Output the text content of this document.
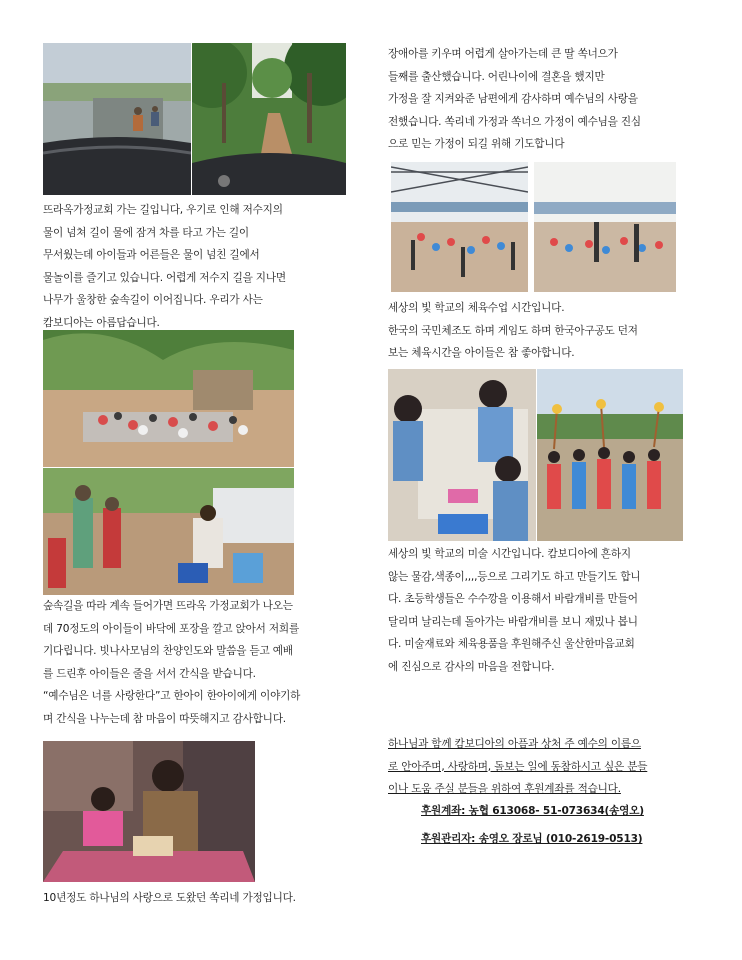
뜨라옥가정교회 가는 길입니다, 우기로 인해 저수지의
물이 넘쳐 길이 물에 잠겨 차를 타고 가는 길이
무서웠는데 아이들과 어른들은 물이 넘친 길에서
물놀이를 즐기고 있습니다. 어렵게 저수지 길을 지나면
나무가 울창한 숲속길이 이어집니다. 우리가 사는
캄보디아는 아름답습니다.

숲속길을 따라 계속 들어가면 뜨라옥 가정교회가 나오는
데 70정도의 아이들이 바닥에 포장을 깔고 앉아서 저희를
기다립니다. 빗나사모님의 찬양인도와 말씀을 듣고 예배
를 드린후 아이들은 줄을 서서 간식을 받습니다.
“예수님은 너를 사랑한다”고 한아이 한아이에게 이야기하
며 간식을 나누는데 참 마음이 따뜻해지고 감사합니다.

10년정도 하나님의 사랑으로 도왔던 쏙리네 가정입니다.

장애아를 키우며 어렵게 살아가는데 큰 딸 쏙너으가
들째를 출산했습니다. 어린나이에 결혼을 했지만
가정을 잘 지켜와준 남편에게 감사하며 예수님의 사랑을
전했습니다. 쏙리네 가정과 쏙너으 가정이 예수님을 진심
으로 믿는 가정이 되길 위해 기도합니다

세상의 빛 학교의 체육수업 시간입니다.
한국의 국민체조도 하며 게임도 하며 한국아구공도 던져
보는 체육시간을 아이들은 참 좋아합니다.

세상의 빛 학교의 미술 시간입니다. 캄보디아에 흔하지
않는 물감,색종이,,,,등으로 그리기도 하고 만들기도 합니
다. 초등학생들은 수수깡을 이용해서 바람개비를 만들어
달리며 날리는데 돌아가는 바람개비를 보니 재밌나 봅니
다. 미술재료와 체육용품을 후원해주신 울산한마음교회
에 진심으로 감사의 마음을 전합니다.

하나님과 함께 캄보디아의 아픔과 상처 주 예수의 이름으
로 안아주며, 사랑하며, 돌보는 일에 동참하시고 싶은 분들
이나 도움 주실 분들을 위하여 후원계좌를 적습니다.

후원계좌: 농협 613068- 51-073634(송영오)

후원관리자: 송영오 장로님 (010-2619-0513)
